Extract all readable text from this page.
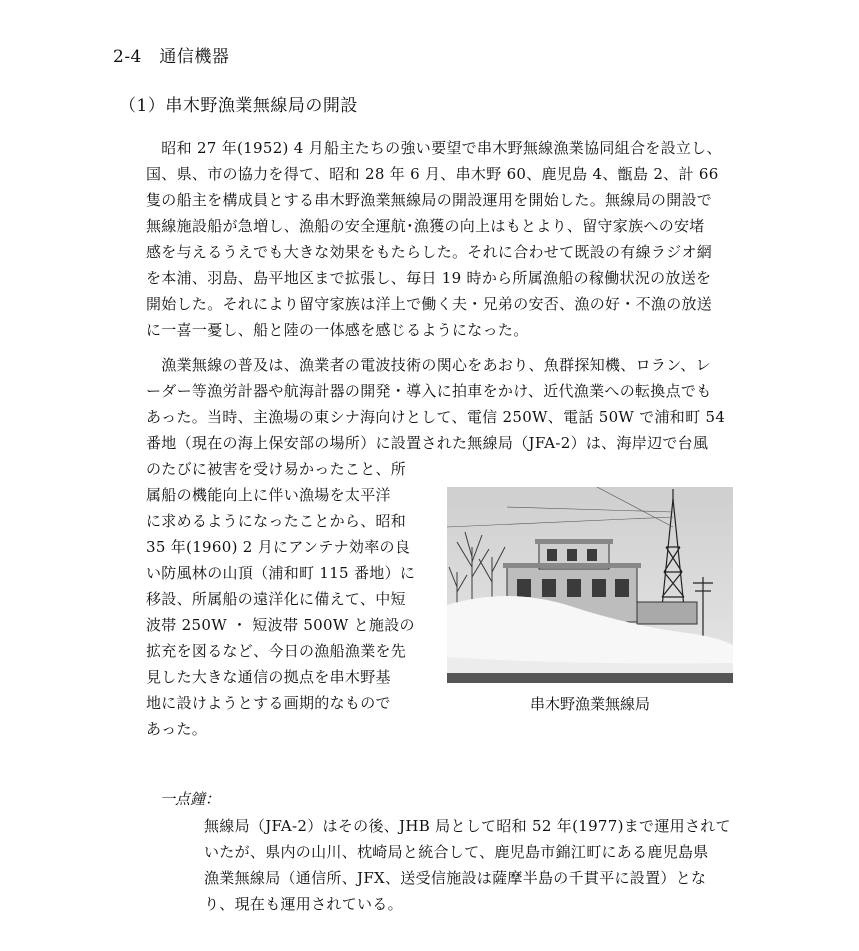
2-4　 通信機器
（1）串木野漁業無線局の開設
　昭和 27 年(1952) 4 月船主たちの強い要望で串木野無線漁業協同組合を設立し、
国、県、市の協力を得て、昭和 28 年 6 月、串木野 60、鹿児島 4、甑島 2、計 66
隻の船主を構成員とする串木野漁業無線局の開設運用を開始した。無線局の開設で
無線施設船が急増し、漁船の安全運航･漁獲の向上はもとより、留守家族への安堵
感を与えるうえでも大きな効果をもたらした。それに合わせて既設の有線ラジオ網
を本浦、羽島、島平地区まで拡張し、毎日 19 時から所属漁船の稼働状況の放送を
開始した。それにより留守家族は洋上で働く夫・兄弟の安否、漁の好・不漁の放送
に一喜一憂し、船と陸の一体感を感じるようになった。
　漁業無線の普及は、漁業者の電波技術の関心をあおり、魚群探知機、ロラン、レ
ーダー等漁労計器や航海計器の開発・導入に拍車をかけ、近代漁業への転換点でも
あった。当時、主漁場の東シナ海向けとして、電信 250W、電話 50W で浦和町 54
番地（現在の海上保安部の場所）に設置された無線局（JFA-2）は、海岸辺で台風
のたびに被害を受け易かったこと、所
属船の機能向上に伴い漁場を太平洋
に求めるようになったことから、昭和
35 年(1960) 2 月にアンテナ効率の良
い防風林の山頂（浦和町 115 番地）に
移設、所属船の遠洋化に備えて、中短
波帯 250W ・ 短波帯 500W と施設の
拡充を図るなど、今日の漁船漁業を先
見した大きな通信の拠点を串木野基
地に設けようとする画期的なもので
あった。
串木野漁業無線局
一点鐘：
無線局（JFA-2）はその後、JHB 局として昭和 52 年(1977)まで運用されて
いたが、県内の山川、枕崎局と統合して、鹿児島市錦江町にある鹿児島県
漁業無線局（通信所、JFX、送受信施設は薩摩半島の千貫平に設置）とな
り、現在も運用されている。
